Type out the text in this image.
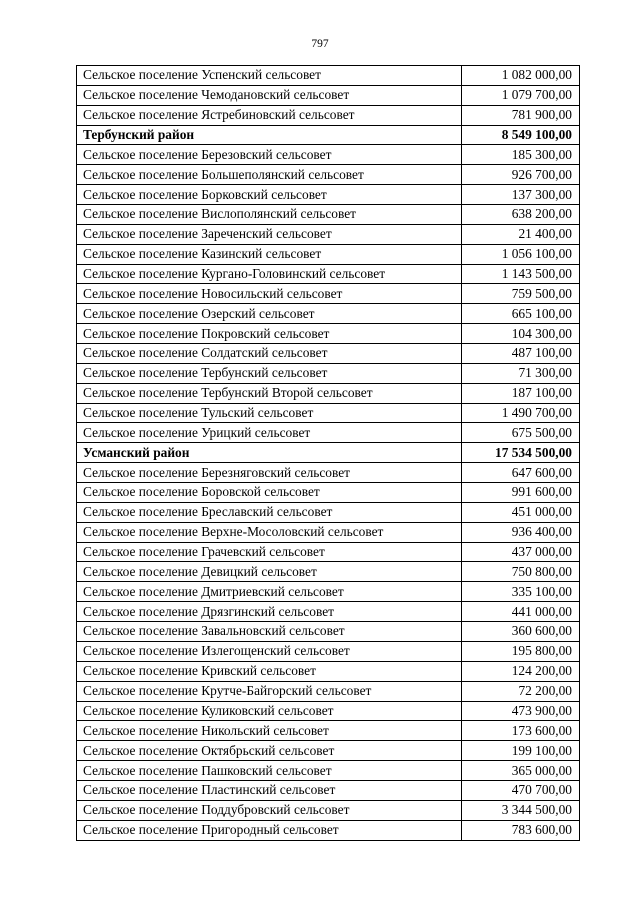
797
Сельское поселение Успенский сельсовет	1 082 000,00
Сельское поселение Чемодановский сельсовет	1 079 700,00
Сельское поселение Ястребиновский сельсовет	781 900,00
Тербунский район	8 549 100,00
Сельское поселение Березовский сельсовет	185 300,00
Сельское поселение Большеполянский сельсовет	926 700,00
Сельское поселение Борковский сельсовет	137 300,00
Сельское поселение Вислополянский сельсовет	638 200,00
Сельское поселение Зареченский сельсовет	21 400,00
Сельское поселение Казинский сельсовет	1 056 100,00
Сельское поселение Кургано-Головинский сельсовет	1 143 500,00
Сельское поселение Новосильский сельсовет	759 500,00
Сельское поселение Озерский сельсовет	665 100,00
Сельское поселение Покровский сельсовет	104 300,00
Сельское поселение Солдатский сельсовет	487 100,00
Сельское поселение Тербунский сельсовет	71 300,00
Сельское поселение Тербунский Второй сельсовет	187 100,00
Сельское поселение Тульский сельсовет	1 490 700,00
Сельское поселение Урицкий сельсовет	675 500,00
Усманский район	17 534 500,00
Сельское поселение Березняговский сельсовет	647 600,00
Сельское поселение Боровской сельсовет	991 600,00
Сельское поселение Бреславский сельсовет	451 000,00
Сельское поселение Верхне-Мосоловский сельсовет	936 400,00
Сельское поселение Грачевский сельсовет	437 000,00
Сельское поселение Девицкий сельсовет	750 800,00
Сельское поселение Дмитриевский сельсовет	335 100,00
Сельское поселение Дрязгинский сельсовет	441 000,00
Сельское поселение Завальновский сельсовет	360 600,00
Сельское поселение Излегощенский сельсовет	195 800,00
Сельское поселение Кривский сельсовет	124 200,00
Сельское поселение Крутче-Байгорский сельсовет	72 200,00
Сельское поселение Куликовский сельсовет	473 900,00
Сельское поселение Никольский сельсовет	173 600,00
Сельское поселение Октябрьский сельсовет	199 100,00
Сельское поселение Пашковский сельсовет	365 000,00
Сельское поселение Пластинский сельсовет	470 700,00
Сельское поселение Поддубровский сельсовет	3 344 500,00
Сельское поселение Пригородный сельсовет	783 600,00
